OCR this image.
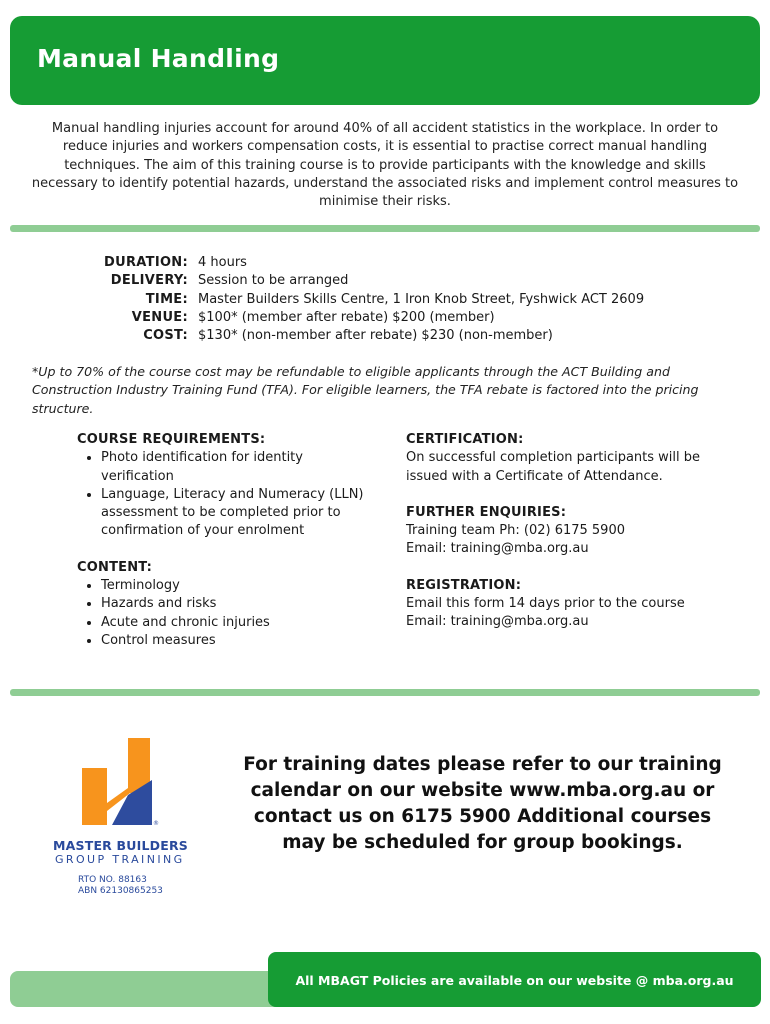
Manual Handling

Manual handling injuries account for around 40% of all accident statistics in the workplace. In order to reduce injuries and workers compensation costs, it is essential to practise correct manual handling techniques. The aim of this training course is to provide participants with the knowledge and skills necessary to identify potential hazards, understand the associated risks and implement control measures to minimise their risks.

DURATION: 4 hours
DELIVERY: Session to be arranged
TIME: Master Builders Skills Centre, 1 Iron Knob Street, Fyshwick ACT 2609
VENUE: $100* (member after rebate) $200 (member)
COST: $130* (non-member after rebate) $230 (non-member)

*Up to 70% of the course cost may be refundable to eligible applicants through the ACT Building and Construction Industry Training Fund (TFA). For eligible learners, the TFA rebate is factored into the pricing structure.

COURSE REQUIREMENTS:
• Photo identification for identity verification
• Language, Literacy and Numeracy (LLN) assessment to be completed prior to confirmation of your enrolment
CONTENT:
• Terminology
• Hazards and risks
• Acute and chronic injuries
• Control measures
CERTIFICATION:
On successful completion participants will be issued with a Certificate of Attendance.
FURTHER ENQUIRIES:
Training team Ph: (02) 6175 5900
Email: training@mba.org.au
REGISTRATION:
Email this form 14 days prior to the course
Email: training@mba.org.au
®
MASTER BUILDERS
GROUP TRAINING
RTO NO. 88163
ABN 62130865253
For training dates please refer to our training calendar on our website www.mba.org.au or contact us on 6175 5900 Additional courses may be scheduled for group bookings.
All MBAGT Policies are available on our website @ mba.org.au
